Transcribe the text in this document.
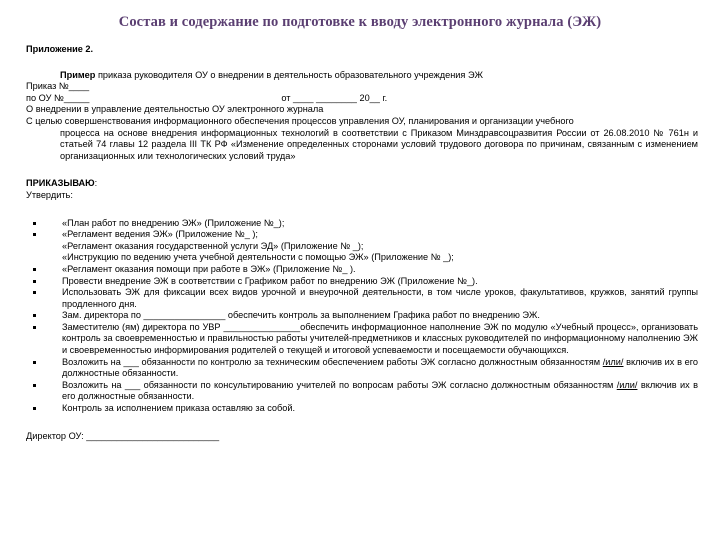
Состав и содержание по подготовке к вводу электронного журнала (ЭЖ)
Приложение 2.
Пример приказа руководителя ОУ о внедрении в деятельность образовательного учреждения ЭЖ
Приказ №____
по ОУ №_____	от ____ ________ 20__ г.
О внедрении в управление деятельностью ОУ электронного журнала
С целью совершенствования информационного обеспечения процессов управления ОУ, планирования и организации учебного
процесса на основе внедрения информационных технологий в соответствии с Приказом Минздравсоцразвития России от 26.08.2010 № 761н и статьей 74 главы 12 раздела III ТК РФ «Изменение определенных сторонами условий трудового договора по причинам, связанным с изменением организационных или технологических условий труда»
ПРИКАЗЫВАЮ:
Утвердить:
«План работ по внедрению ЭЖ» (Приложение №_);
«Регламент ведения ЭЖ» (Приложение №_ );
«Регламент оказания государственной услуги ЭД» (Приложение № _);
«Инструкцию по ведению учета учебной деятельности с помощью ЭЖ» (Приложение № _);
«Регламент оказания помощи при работе в ЭЖ» (Приложение №_ ).
Провести внедрение ЭЖ в соответствии с Графиком работ по внедрению ЭЖ (Приложение №_).
Использовать ЭЖ для фиксации всех видов урочной и внеурочной деятельности, в том числе уроков, факультативов, кружков, занятий группы продленного дня.
Зам. директора по ________________ обеспечить контроль за выполнением Графика работ по внедрению ЭЖ.
Заместителю (ям) директора по УВР _______________обеспечить информационное наполнение ЭЖ по модулю «Учебный процесс», организовать контроль за своевременностью и правильностью работы учителей-предметников и классных руководителей по информационному наполнению ЭЖ и своевременностью информирования родителей о текущей и итоговой успеваемости и посещаемости обучающихся.
Возложить на ___ обязанности по контролю за техническим обеспечением работы ЭЖ согласно должностным обязанностям /или/ включив их в его должностные обязанности.
Возложить на ___ обязанности по консультированию учителей по вопросам работы ЭЖ согласно должностным обязанностям /или/ включив их в его должностные обязанности.
Контроль за исполнением приказа оставляю за собой.
Директор ОУ: __________________________
